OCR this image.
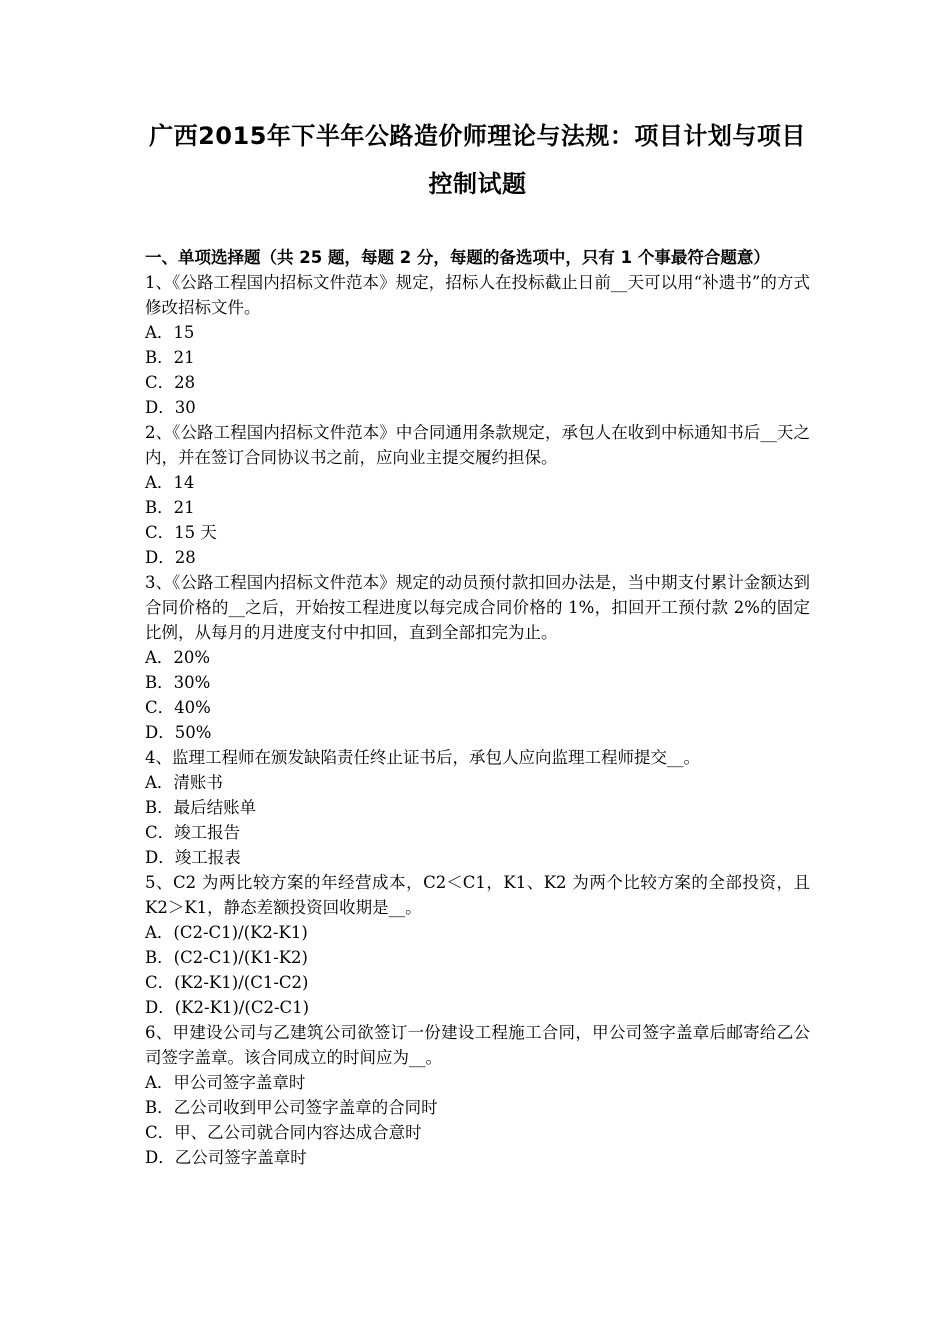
广西2015年下半年公路造价师理论与法规：项目计划与项目控制试题

一、单项选择题（共 25 题，每题 2 分，每题的备选项中，只有 1 个事最符合题意）

1、《公路工程国内招标文件范本》规定，招标人在投标截止日前__天可以用“补遗书”的方式修改招标文件。

A．15

B．21

C．28

D．30

2、《公路工程国内招标文件范本》中合同通用条款规定，承包人在收到中标通知书后__天之内，并在签订合同协议书之前，应向业主提交履约担保。

A．14

B．21

C．15 天

D．28

3、《公路工程国内招标文件范本》规定的动员预付款扣回办法是，当中期支付累计金额达到合同价格的__之后，开始按工程进度以每完成合同价格的 1%，扣回开工预付款 2%的固定比例，从每月的月进度支付中扣回，直到全部扣完为止。

A．20%

B．30%

C．40%

D．50%

4、监理工程师在颁发缺陷责任终止证书后，承包人应向监理工程师提交__。

A．清账书

B．最后结账单

C．竣工报告

D．竣工报表

5、C2 为两比较方案的年经营成本，C2＜C1，K1、K2 为两个比较方案的全部投资，且 K2＞K1，静态差额投资回收期是__。

A．(C2-C1)/(K2-K1)

B．(C2-C1)/(K1-K2)

C．(K2-K1)/(C1-C2)

D．(K2-K1)/(C2-C1)

6、甲建设公司与乙建筑公司欲签订一份建设工程施工合同，甲公司签字盖章后邮寄给乙公司签字盖章。该合同成立的时间应为__。

A．甲公司签字盖章时

B．乙公司收到甲公司签字盖章的合同时

C．甲、乙公司就合同内容达成合意时

D．乙公司签字盖章时
